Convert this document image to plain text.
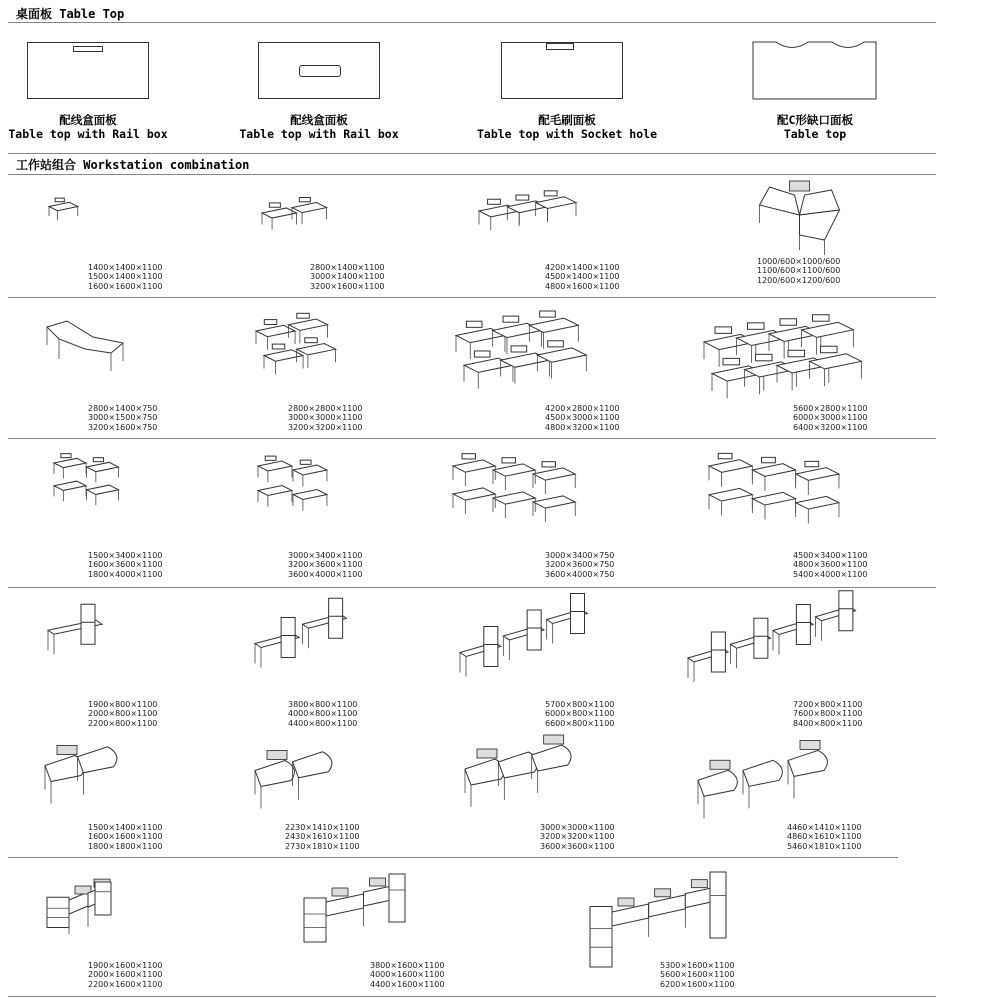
桌面板 Table Top
配线盒面板
Table top with Rail box
配线盒面板
Table top with Rail box
配毛刷面板
Table top with Socket hole
配C形缺口面板
Table top
工作站组合 Workstation combination
1400×1400×1100
1500×1400×1100
1600×1600×1100
2800×1400×1100
3000×1400×1100
3200×1600×1100
4200×1400×1100
4500×1400×1100
4800×1600×1100
1000/600×1000/600
1100/600×1100/600
1200/600×1200/600
2800×1400×750
3000×1500×750
3200×1600×750
2800×2800×1100
3000×3000×1100
3200×3200×1100
4200×2800×1100
4500×3000×1100
4800×3200×1100
5600×2800×1100
6000×3000×1100
6400×3200×1100
1500×3400×1100
1600×3600×1100
1800×4000×1100
3000×3400×1100
3200×3600×1100
3600×4000×1100
3000×3400×750
3200×3600×750
3600×4000×750
4500×3400×1100
4800×3600×1100
5400×4000×1100
1900×800×1100
2000×800×1100
2200×800×1100
3800×800×1100
4000×800×1100
4400×800×1100
5700×800×1100
6000×800×1100
6600×800×1100
7200×800×1100
7600×800×1100
8400×800×1100
1500×1400×1100
1600×1600×1100
1800×1800×1100
2230×1410×1100
2430×1610×1100
2730×1810×1100
3000×3000×1100
3200×3200×1100
3600×3600×1100
4460×1410×1100
4860×1610×1100
5460×1810×1100
1900×1600×1100
2000×1600×1100
2200×1600×1100
3800×1600×1100
4000×1600×1100
4400×1600×1100
5300×1600×1100
5600×1600×1100
6200×1600×1100
